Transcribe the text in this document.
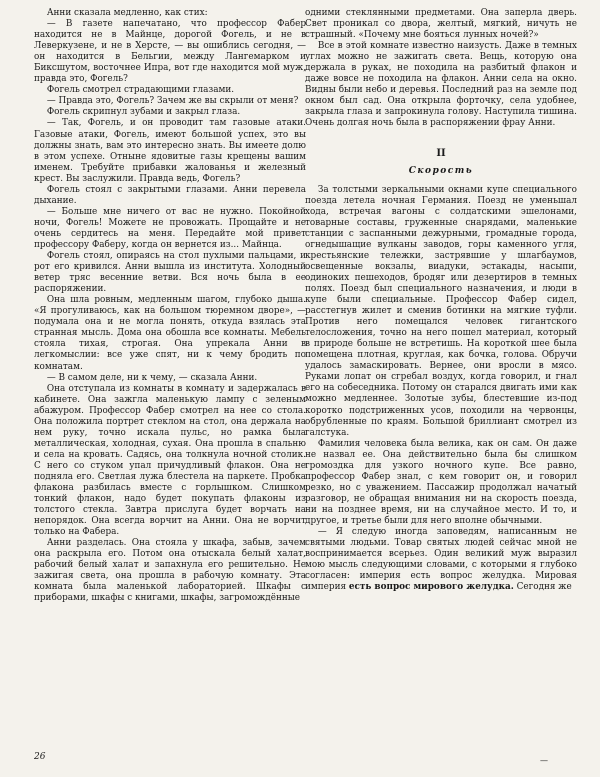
Анни сказала медленно, как стих:

— В газете напечатано, что профессор Фабер находится не в Майнце, дорогой Фогель, и не в Леверкузене, и не в Херсте, — вы ошиблись сегодня, — он находится в Бельгии, между Лангемарком и Биксшутом, восточнее Ипра, вот где находится мой муж, правда это, Фогель?

Фогель смотрел страдающими глазами.

— Правда это, Фогель? Зачем же вы скрыли от меня?

Фогель скрипнул зубами и закрыл глаза.

— Так, Фогель, и он проводит там газовые атаки. Газовые атаки, Фогель, имеют большой успех, это вы должны знать, вам это интересно знать. Вы имеете долю в этом успехе. Отныне ядовитые газы крещены вашим именем. Требуйте прибавки жалованья и железный крест. Вы заслужили. Правда ведь, Фогель?

Фогель стоял с закрытыми глазами. Анни перевела дыхание.

— Больше мне ничего от вас не нужно. Покойной ночи, Фогель! Можете не провожать. Прощайте и не очень сердитесь на меня. Передайте мой привет профессору Фаберу, когда он вернется из... Майнца.

Фогель стоял, опираясь на стол пухлыми пальцами, и рот его кривился. Анни вышла из института. Холодный ветер тряс весенние ветви. Вся ночь была в ее распоряжении.

Она шла ровным, медленным шагом, глубоко дыша. «Я прогуливаюсь, как на большом тюремном дворе», — подумала она и не могла понять, откуда взялась эта странная мысль. Дома она обошла все комнаты. Мебель стояла тихая, строгая. Она упрекала Анни в легкомыслии: все уже спят, ни к чему бродить по комнатам.

— В самом деле, ни к чему, — сказала Анни.

Она отступала из комнаты в комнату и задержалась в кабинете. Она зажгла маленькую лампу с зеленым абажуром. Профессор Фабер смотрел на нее со стола. Она положила портрет стеклом на стол, она держала на нем руку, точно искала пульс, но рамка была металлическая, холодная, сухая. Она прошла в спальню и села на кровать. Садясь, она толкнула ночной столик. С него со стуком упал причудливый флакон. Она не подняла его. Светлая лужа блестела на паркете. Пробка флакона разбилась вместе с горлышком. Слишком тонкий флакон, надо будет покупать флаконы из толстого стекла. Завтра прислуга будет ворчать на непорядок. Она всегда ворчит на Анни. Она не ворчит только на Фабера.

Анни разделась. Она стояла у шкафа, забыв, зачем она раскрыла его. Потом она отыскала белый халат, рабочий белый халат и запахнула его решительно. Не зажигая света, она прошла в рабочую комнату. Эта комната была маленькой лабораторией. Шкафы с приборами, шкафы с книгами, шкафы, загромождённые

одними стеклянными предметами. Она заперла дверь. Свет проникал со двора, желтый, мягкий, ничуть не страшный. «Почему мне бояться лунных ночей?»

Все в этой комнате известно наизусть. Даже в темных углах можно не зажигать света. Вещь, которую она держала в руках, не походила на разбитый флакон и даже вовсе не походила на флакон. Анни села на окно. Видны были небо и деревья. Последний раз на земле под окном был сад. Она открыла форточку, села удобнее, закрыла глаза и запрокинула голову. Наступила тишина. Очень долгая ночь была в распоряжении фрау Анни.

II
Скорость

За толстыми зеркальными окнами купе специального поезда летела ночная Германия. Поезд не уменьшал хода, встречая вагоны с солдатскими эшелонами, товарные составы, груженные снарядами, маленькие станции с заспанными дежурными, громадные города, огнедышащие вулканы заводов, горы каменного угля, крестьянские тележки, застрявшие у шлагбаумов, освещенные вокзалы, виадуки, эстакады, насыпи, одиноких пешеходов, бродяг или дезертиров в темных полях. Поезд был специального назначения, и люди в купе были специальные. Профессор Фабер сидел, расстегнув жилет и сменив ботинки на мягкие туфли. Против него помещался человек гигантского телосложения, точно на него пошел материал, который в природе больше не встретишь. На короткой шее была помещена плотная, круглая, как бочка, голова. Обручи удалось замаскировать. Вернее, они вросли в мясо. Руками лопат он сгребал воздух, когда говорил, и гнал его на собеседника. Потому он старался двигать ими как можно медленнее. Золотые зубы, блестевшие из-под коротко подстриженных усов, походили на червонцы, обрубленные по краям. Большой бриллиант смотрел из галстука.

Фамилия человека была велика, как он сам. Он даже не назвал ее. Она действительно была бы слишком громоздка для узкого ночного купе. Все равно, профессор Фабер знал, с кем говорит он, и говорил резко, но с уважением. Пассажир продолжал начатый разговор, не обращая внимания ни на скорость поезда, ни на позднее время, ни на случайное место. И то, и другое, и третье были для него вполне обычными.

— Я следую иногда заповедям, написанным не святыми людьми. Товар святых людей сейчас мной не воспринимается всерьез. Один великий муж выразил мою мысль следующими словами, с которыми я глубоко согласен: империя есть вопрос желудка. Мировая империя есть вопрос мирового желудка. Сегодня же

26	—
